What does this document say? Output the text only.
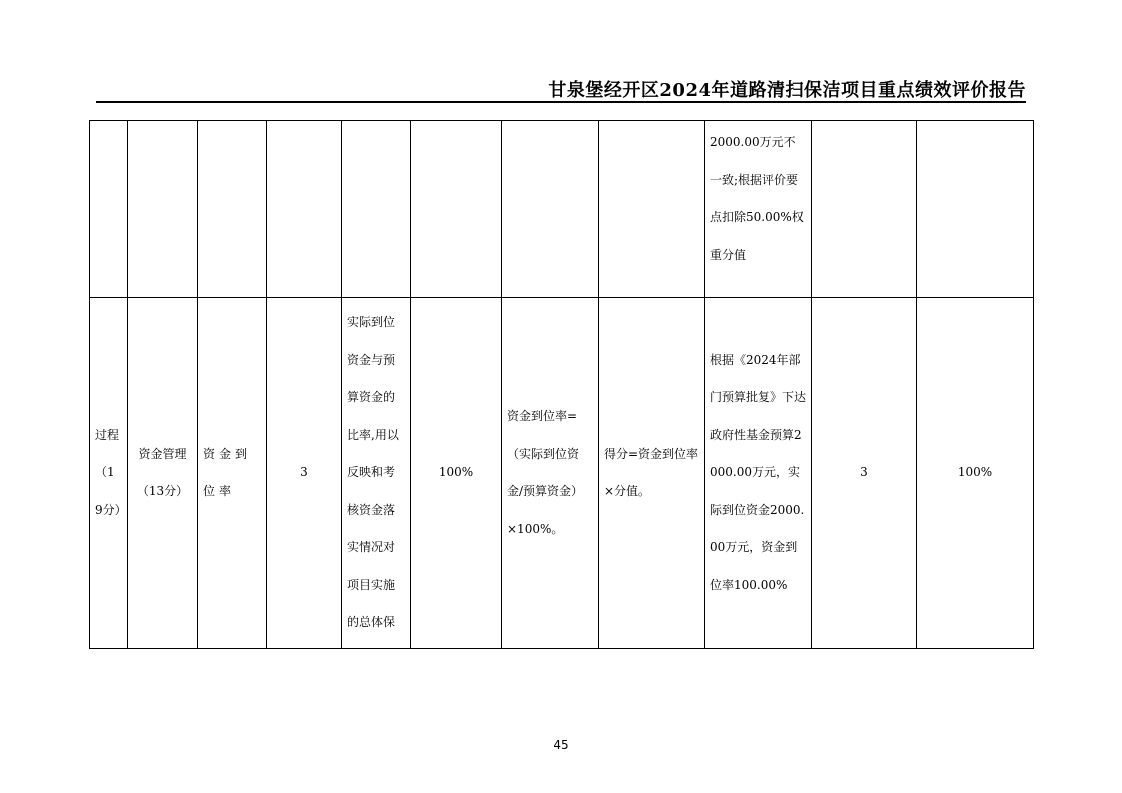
甘泉堡经开区2024年道路清扫保洁项目重点绩效评价报告
								2000.00万元不一致;根据评价要点扣除50.00%权重分值		
过程（19分）	资金管理（13分）	资金到位率	3	实际到位资金与预算资金的比率,用以反映和考核资金落实情况对项目实施的总体保	100%	资金到位率=（实际到位资金/预算资金）×100%。	得分=资金到位率×分值。	根据《2024年部门预算批复》下达政府性基金预算2000.00万元，实际到位资金2000.00万元，资金到位率100.00%	3	100%
45
